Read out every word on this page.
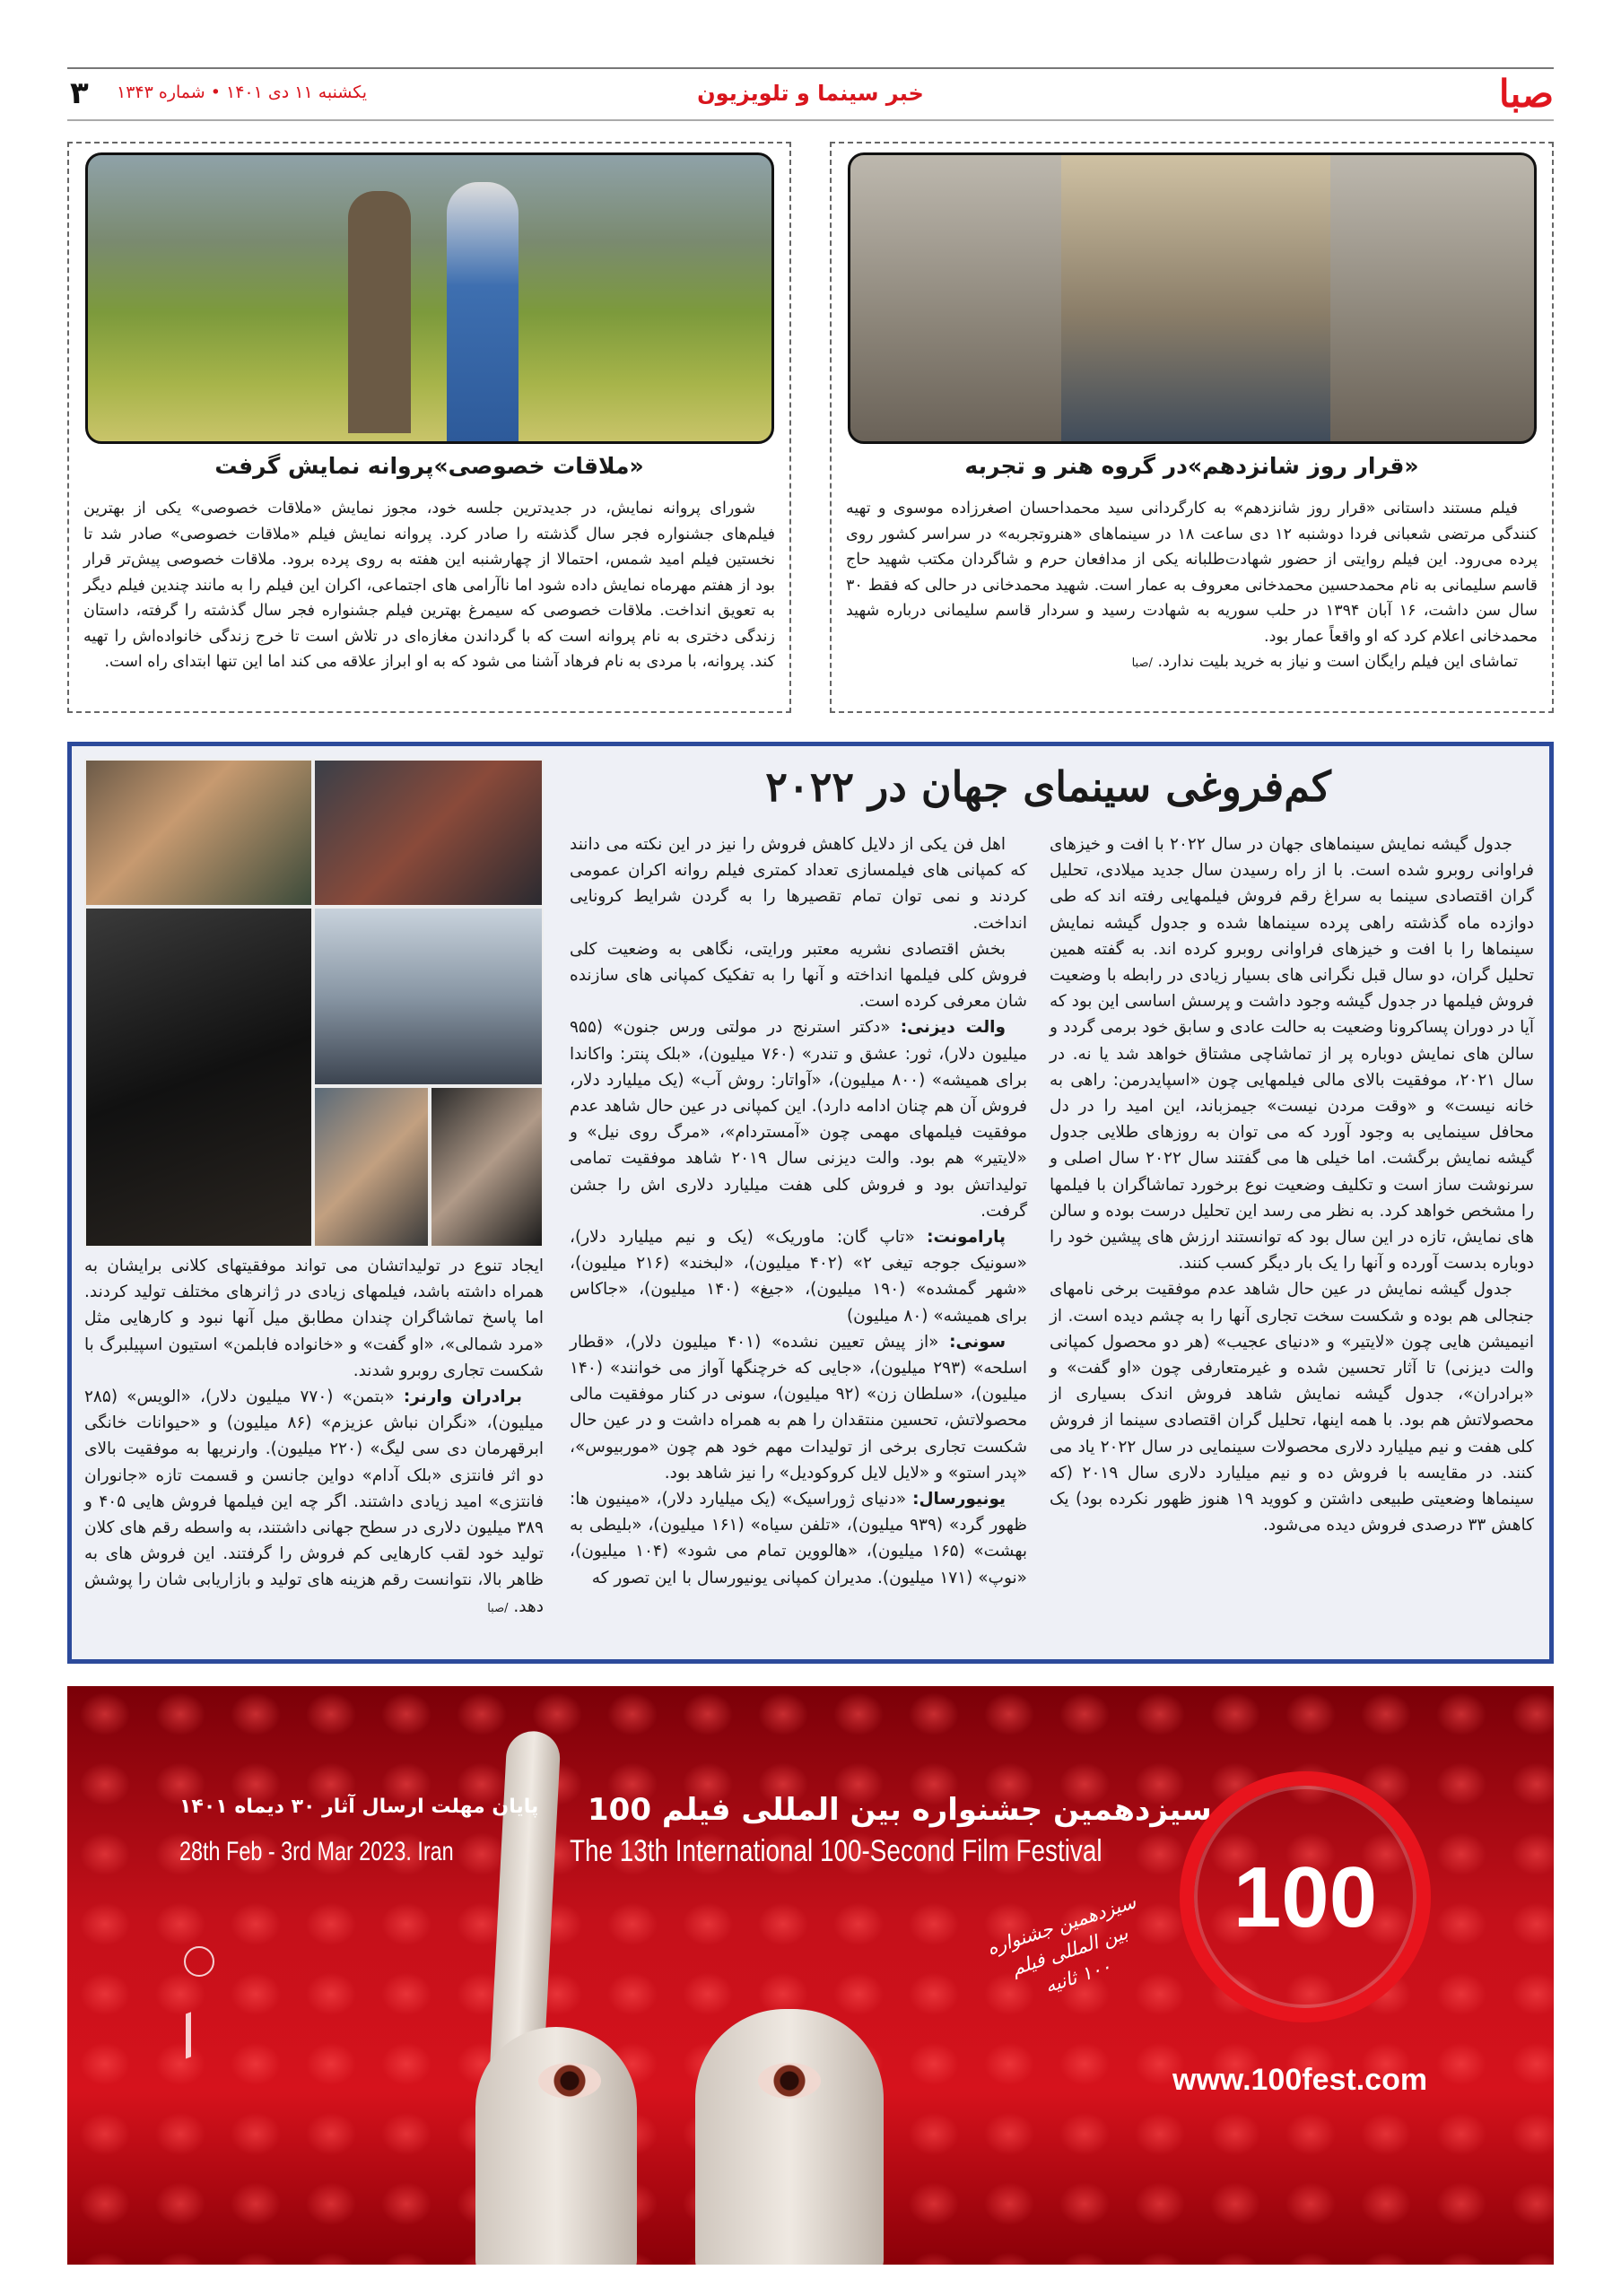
صبا
خبر سینما و تلویزیون
یکشنبه ۱۱ دی ۱۴۰۱ • شماره ۱۳۴۳
۳
«قرار روز شانزدهم»در گروه هنر و تجربه

فیلم مستند داستانی «قرار روز شانزدهم» به کارگردانی سید محمداحسان اصغرزاده موسوی و تهیه کنندگی مرتضی شعبانی فردا دوشنبه ۱۲ دی ساعت ۱۸ در سینماهای «هنروتجربه» در سراسر کشور روی پرده می‌رود. این فیلم روایتی از حضور شهادت‌طلبانه یکی از مدافعان حرم و شاگردان مکتب شهید حاج قاسم سلیمانی به نام محمدحسین محمدخانی معروف به عمار است. شهید محمدخانی در حالی که فقط ۳۰ سال سن داشت، ۱۶ آبان ۱۳۹۴ در حلب سوریه به شهادت رسید و سردار قاسم سلیمانی درباره شهید محمدخانی اعلام کرد که او واقعاً عمار بود.

تماشای این فیلم رایگان است و نیاز به خرید بلیت ندارد. /صبا

«ملاقات خصوصی»پروانه نمایش گرفت

شورای پروانه نمایش، در جدیدترین جلسه خود، مجوز نمایش «ملاقات خصوصی» یکی از بهترین فیلم‌های جشنواره فجر سال گذشته را صادر کرد. پروانه نمایش فیلم «ملاقات خصوصی» صادر شد تا نخستین فیلم امید شمس، احتمالا از چهارشنبه این هفته به روی پرده برود. ملاقات خصوصی پیش‌تر قرار بود از هفتم مهرماه نمایش داده شود اما ناآرامی های اجتماعی، اکران این فیلم را به مانند چندین فیلم دیگر به تعویق انداخت. ملاقات خصوصی که سیمرغ بهترین فیلم جشنواره فجر سال گذشته را گرفته، داستان زندگی دختری به نام پروانه است که با گرداندن مغازه‌ای در تلاش است تا خرج زندگی خانواده‌اش را تهیه کند. پروانه، با مردی به نام فرهاد آشنا می شود که به او ابراز علاقه می کند اما این تنها ابتدای راه است.

کم‌فروغی سینمای جهان در ۲۰۲۲

جدول گیشه نمایش سینماهای جهان در سال ۲۰۲۲ با افت و خیزهای فراوانی روبرو شده است. با از راه رسیدن سال جدید میلادی، تحلیل گران اقتصادی سینما به سراغ رقم فروش فیلمهایی رفته اند که طی دوازده ماه گذشته راهی پرده سینماها شده و جدول گیشه نمایش سینماها را با افت و خیزهای فراوانی روبرو کرده اند. به گفته همین تحلیل گران، دو سال قبل نگرانی های بسیار زیادی در رابطه با وضعیت فروش فیلمها در جدول گیشه وجود داشت و پرسش اساسی این بود که آیا در دوران پساکرونا وضعیت به حالت عادی و سابق خود برمی گردد و سالن های نمایش دوباره پر از تماشاچی مشتاق خواهد شد یا نه. در سال ۲۰۲۱، موفقیت بالای مالی فیلمهایی چون «اسپایدرمن: راهی به خانه نیست» و «وقت مردن نیست» جیمزباند، این امید را در دل محافل سینمایی به وجود آورد که می توان به روزهای طلایی جدول گیشه نمایش برگشت. اما خیلی ها می گفتند سال ۲۰۲۲ سال اصلی و سرنوشت ساز است و تکلیف وضعیت نوع برخورد تماشاگران با فیلمها را مشخص خواهد کرد. به نظر می رسد این تحلیل درست بوده و سالن های نمایش، تازه در این سال بود که توانستند ارزش های پیشین خود را دوباره بدست آورده و آنها را یک بار دیگر کسب کنند.

جدول گیشه نمایش در عین حال شاهد عدم موفقیت برخی نامهای جنجالی هم بوده و شکست سخت تجاری آنها را به چشم دیده است. از انیمیشن هایی چون «لایتیر» و «دنیای عجیب» (هر دو محصول کمپانی والت دیزنی) تا آثار تحسین شده و غیرمتعارفی چون «او گفت» و «برادران»، جدول گیشه نمایش شاهد فروش اندک بسیاری از محصولاتش هم بود. با همه اینها، تحلیل گران اقتصادی سینما از فروش کلی هفت و نیم میلیارد دلاری محصولات سینمایی در سال ۲۰۲۲ یاد می کنند. در مقایسه با فروش ده و نیم میلیارد دلاری سال ۲۰۱۹ (که سینماها وضعیتی طبیعی داشتن و کووید ۱۹ هنوز ظهور نکرده بود) یک کاهش ۳۳ درصدی فروش دیده می‌شود.

اهل فن یکی از دلایل کاهش فروش را نیز در این نکته می دانند که کمپانی های فیلمسازی تعداد کمتری فیلم روانه اکران عمومی کردند و نمی توان تمام تقصیرها را به گردن شرایط کرونایی انداخت.

بخش اقتصادی نشریه معتبر ورایتی، نگاهی به وضعیت کلی فروش کلی فیلمها انداخته و آنها را به تفکیک کمپانی های سازنده شان معرفی کرده است.

والت دیزنی: «دکتر استرنج در مولتی ورس جنون» (۹۵۵ میلیون دلار)، ثور: عشق و تندر» (۷۶۰ میلیون)، «بلک پنتر: واکاندا برای همیشه» (۸۰۰ میلیون)، «آواتار: روش آب» (یک میلیارد دلار، فروش آن هم چنان ادامه دارد). این کمپانی در عین حال شاهد عدم موفقیت فیلمهای مهمی چون «آمستردام»، «مرگ روی نیل» و «لایتیر» هم بود. والت دیزنی سال ۲۰۱۹ شاهد موفقیت تمامی تولیداتش بود و فروش کلی هفت میلیارد دلاری اش را جشن گرفت.

پارامونت: «تاپ گان: ماوریک» (یک و نیم میلیارد دلار)، «سونیک جوجه تیغی ۲» (۴۰۲ میلیون)، «لبخند» (۲۱۶ میلیون)، «شهر گمشده» (۱۹۰ میلیون)، «جیغ» (۱۴۰ میلیون)، «جاکاس برای همیشه» (۸۰ میلیون)

سونی: «از پیش تعیین نشده» (۴۰۱ میلیون دلار)، «قطار اسلحه» (۲۹۳ میلیون)، «جایی که خرچنگها آواز می خوانند» (۱۴۰ میلیون)، «سلطان زن» (۹۲ میلیون)، سونی در کنار موفقیت مالی محصولاتش، تحسین منتقدان را هم به همراه داشت و در عین حال شکست تجاری برخی از تولیدات مهم خود هم چون «موربیوس»، «پدر استو» و «لایل لایل کروکودیل» را نیز شاهد بود.

یونیورسال: «دنیای ژوراسیک» (یک میلیارد دلار)، «مینیون ها: ظهور گرد» (۹۳۹ میلیون)، «تلفن سیاه» (۱۶۱ میلیون)، «بلیطی به بهشت» (۱۶۵ میلیون)، «هالووین تمام می شود» (۱۰۴ میلیون)، «نوپ» (۱۷۱ میلیون). مدیران کمپانی یونیورسال با این تصور که

ایجاد تنوع در تولیداتشان می تواند موفقیتهای کلانی برایشان به همراه داشته باشد، فیلمهای زیادی در ژانرهای مختلف تولید کردند. اما پاسخ تماشاگران چندان مطابق میل آنها نبود و کارهایی مثل «مرد شمالی»، «او گفت» و «خانواده فابلمن» استیون اسپیلبرگ با شکست تجاری روبرو شدند.

برادران وارنر: «بتمن» (۷۷۰ میلیون دلار)، «الویس» (۲۸۵ میلیون)، «نگران نباش عزیزم» (۸۶ میلیون) و «حیوانات خانگی ابرقهرمان دی سی لیگ» (۲۲۰ میلیون). وارنریها به موفقیت بالای دو اثر فانتزی «بلک آدام» دواین جانسن و قسمت تازه «جانوران فانتزی» امید زیادی داشتند. اگر چه این فیلمها فروش هایی ۴۰۵ و ۳۸۹ میلیون دلاری در سطح جهانی داشتند، به واسطه رقم های کلان تولید خود لقب کارهایی کم فروش را گرفتند. این فروش های به ظاهر بالا، نتوانست رقم هزینه های تولید و بازاریابی شان را پوشش دهد. /صبا

سیزدهمین جشنواره بین المللی فیلم 100
The 13th International 100-Second Film Festival
پایان مهلت ارسال آثار ۳۰ دیماه ۱۴۰۱
28th Feb - 3rd Mar 2023. Iran
سیزدهمین جشنواره بین المللی فیلم ۱۰۰ ثانیه
100
www.100fest.com
